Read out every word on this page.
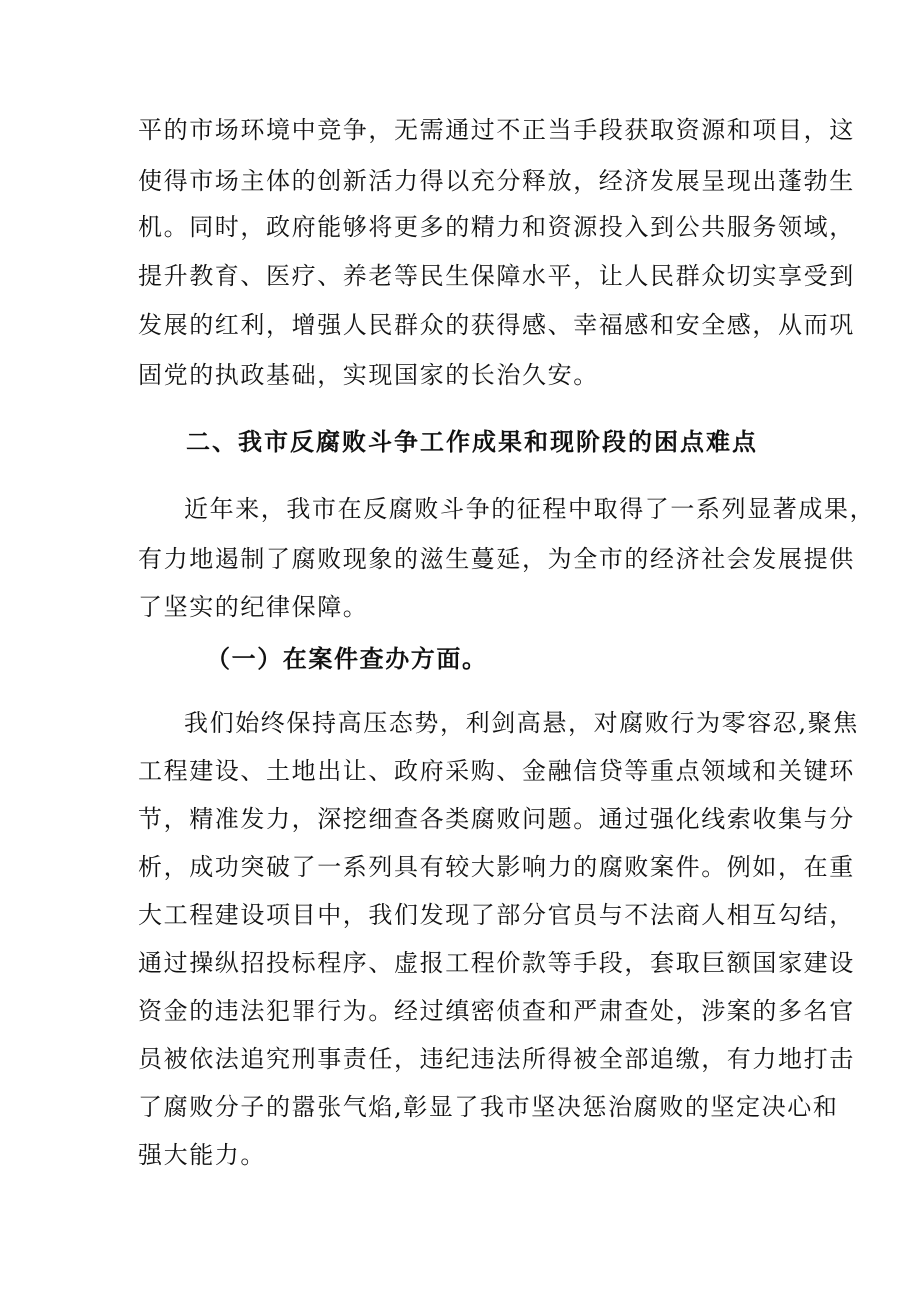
平的市场环境中竞争，无需通过不正当手段获取资源和项目，这
使得市场主体的创新活力得以充分释放，经济发展呈现出蓬勃生
机。同时，政府能够将更多的精力和资源投入到公共服务领域，
提升教育、医疗、养老等民生保障水平，让人民群众切实享受到
发展的红利，增强人民群众的获得感、幸福感和安全感，从而巩
固党的执政基础，实现国家的长治久安。
二、我市反腐败斗争工作成果和现阶段的困点难点
近年来，我市在反腐败斗争的征程中取得了一系列显著成果，
有力地遏制了腐败现象的滋生蔓延，为全市的经济社会发展提供
了坚实的纪律保障。
（一）在案件查办方面。
我们始终保持高压态势，利剑高悬，对腐败行为零容忍,聚焦
工程建设、土地出让、政府采购、金融信贷等重点领域和关键环
节，精准发力，深挖细查各类腐败问题。通过强化线索收集与分
析，成功突破了一系列具有较大影响力的腐败案件。例如，在重
大工程建设项目中，我们发现了部分官员与不法商人相互勾结，
通过操纵招投标程序、虚报工程价款等手段，套取巨额国家建设
资金的违法犯罪行为。经过缜密侦查和严肃查处，涉案的多名官
员被依法追究刑事责任，违纪违法所得被全部追缴，有力地打击
了腐败分子的嚣张气焰,彰显了我市坚决惩治腐败的坚定决心和
强大能力。
